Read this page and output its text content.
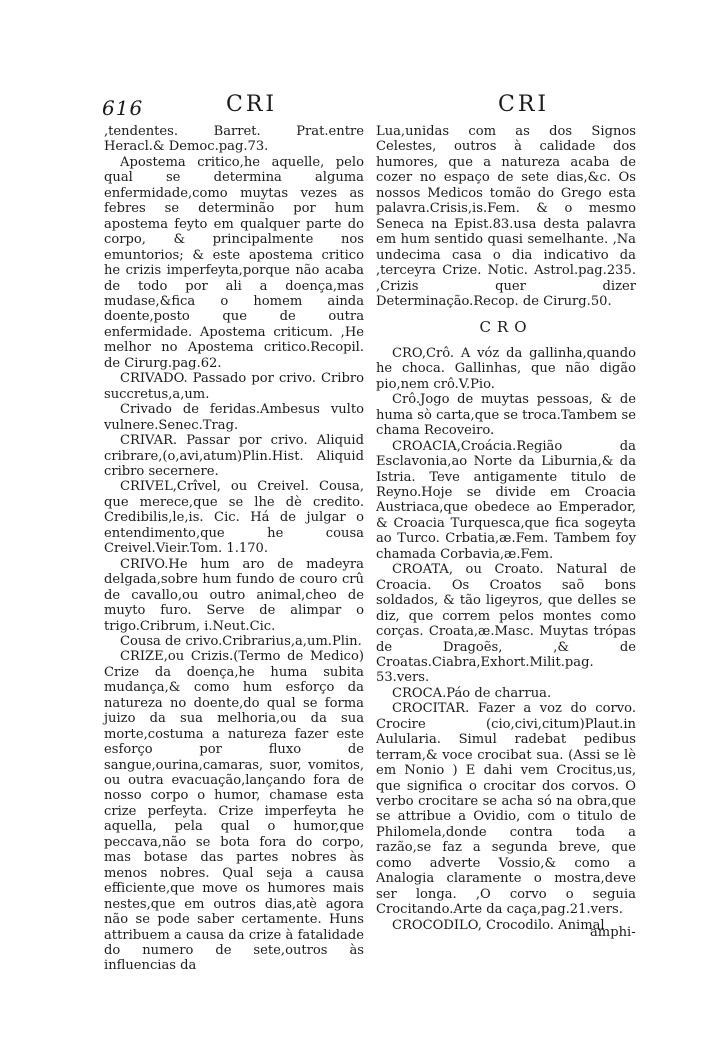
616	CRI	CRI

,tendentes. Barret. Prat.entre Heracl.& Democ.pag.73.

Apostema critico,he aquelle, pelo qual se determina alguma enfermidade,como muytas vezes as febres se determinão por hum apostema feyto em qualquer parte do corpo, & principalmente nos emuntorios; & este apostema critico he crizis imperfeyta,porque não acaba de todo por ali a doença,mas mudase,&fica o homem ainda doente,posto que de outra enfermidade. Apostema criticum. ,He melhor no Apostema critico.Recopil. de Cirurg.pag.62.

CRIVADO. Passado por crivo. Cribro succretus,a,um.

Crivado de feridas.Ambesus vulto vulnere.Senec.Trag.

CRIVAR. Passar por crivo. Aliquid cribrare,(o,avi,atum)Plin.Hist. Aliquid cribro secernere.

CRIVEL,Crîvel, ou Creivel. Cousa, que merece,que se lhe dè credito. Credibilis,le,is. Cic. Há de julgar o entendimento,que he cousa Creivel.Vieir.Tom. 1.170.

CRIVO.He hum aro de madeyra delgada,sobre hum fundo de couro crû de cavallo,ou outro animal,cheo de muyto furo. Serve de alimpar o trigo.Cribrum, i.Neut.Cic.

Cousa de crivo.Cribrarius,a,um.Plin.

CRIZE,ou Crizis.(Termo de Medico) Crize da doença,he huma subita mudança,& como hum esforço da natureza no doente,do qual se forma juizo da sua melhoria,ou da sua morte,costuma a natureza fazer este esforço por fluxo de sangue,ourina,camaras, suor, vomitos, ou outra evacuação,lançando fora de nosso corpo o humor, chamase esta crize perfeyta. Crize imperfeyta he aquella, pela qual o humor,que peccava,não se bota fora do corpo, mas botase das partes nobres às menos nobres. Qual seja a causa efficiente,que move os humores mais nestes,que em outros dias,atè agora não se pode saber certamente. Huns attribuem a causa da crize à fatalidade do numero de sete,outros às influencias da

Lua,unidas com as dos Signos Celestes, outros à calidade dos humores, que a natureza acaba de cozer no espaço de sete dias,&c. Os nossos Medicos tomão do Grego esta palavra.Crisis,is.Fem. & o mesmo Seneca na Epist.83.usa desta palavra em hum sentido quasi semelhante. ,Na undecima casa o dia indicativo da ,terceyra Crize. Notic. Astrol.pag.235. ,Crizis quer dizer Determinação.Recop. de Cirurg.50.

CRO

CRO,Crô. A vóz da gallinha,quando he choca. Gallinhas, que não digão pio,nem crô.V.Pio.

Crô.Jogo de muytas pessoas, & de huma sò carta,que se troca.Tambem se chama Recoveiro.

CROACIA,Croácia.Região da Esclavonia,ao Norte da Liburnia,& da Istria. Teve antigamente titulo de Reyno.Hoje se divide em Croacia Austriaca,que obedece ao Emperador, & Croacia Turquesca,que fica sogeyta ao Turco. Crbatia,æ.Fem. Tambem foy chamada Corbavia,æ.Fem.

CROATA, ou Croato. Natural de Croacia. Os Croatos saõ bons soldados, & tão ligeyros, que delles se diz, que correm pelos montes como corças. Croata,æ.Masc. Muytas trópas de Dragoẽs, ,& de Croatas.Ciabra,Exhort.Milit.pag. 53.vers.

CROCA.Páo de charrua.

CROCITAR. Fazer a voz do corvo. Crocire (cio,civi,citum)Plaut.in Aulularia. Simul radebat pedibus terram,& voce crocibat sua. (Assi se lè em Nonio ) E dahi vem Crocitus,us, que significa o crocitar dos corvos. O verbo crocitare se acha só na obra,que se attribue a Ovidio, com o titulo de Philomela,donde contra toda a razão,se faz a segunda breve, que como adverte Vossio,& como a Analogia claramente o mostra,deve ser longa. ,O corvo o seguia Crocitando.Arte da caça,pag.21.vers.

CROCODILO, Crocodilo. Animal

amphi-
